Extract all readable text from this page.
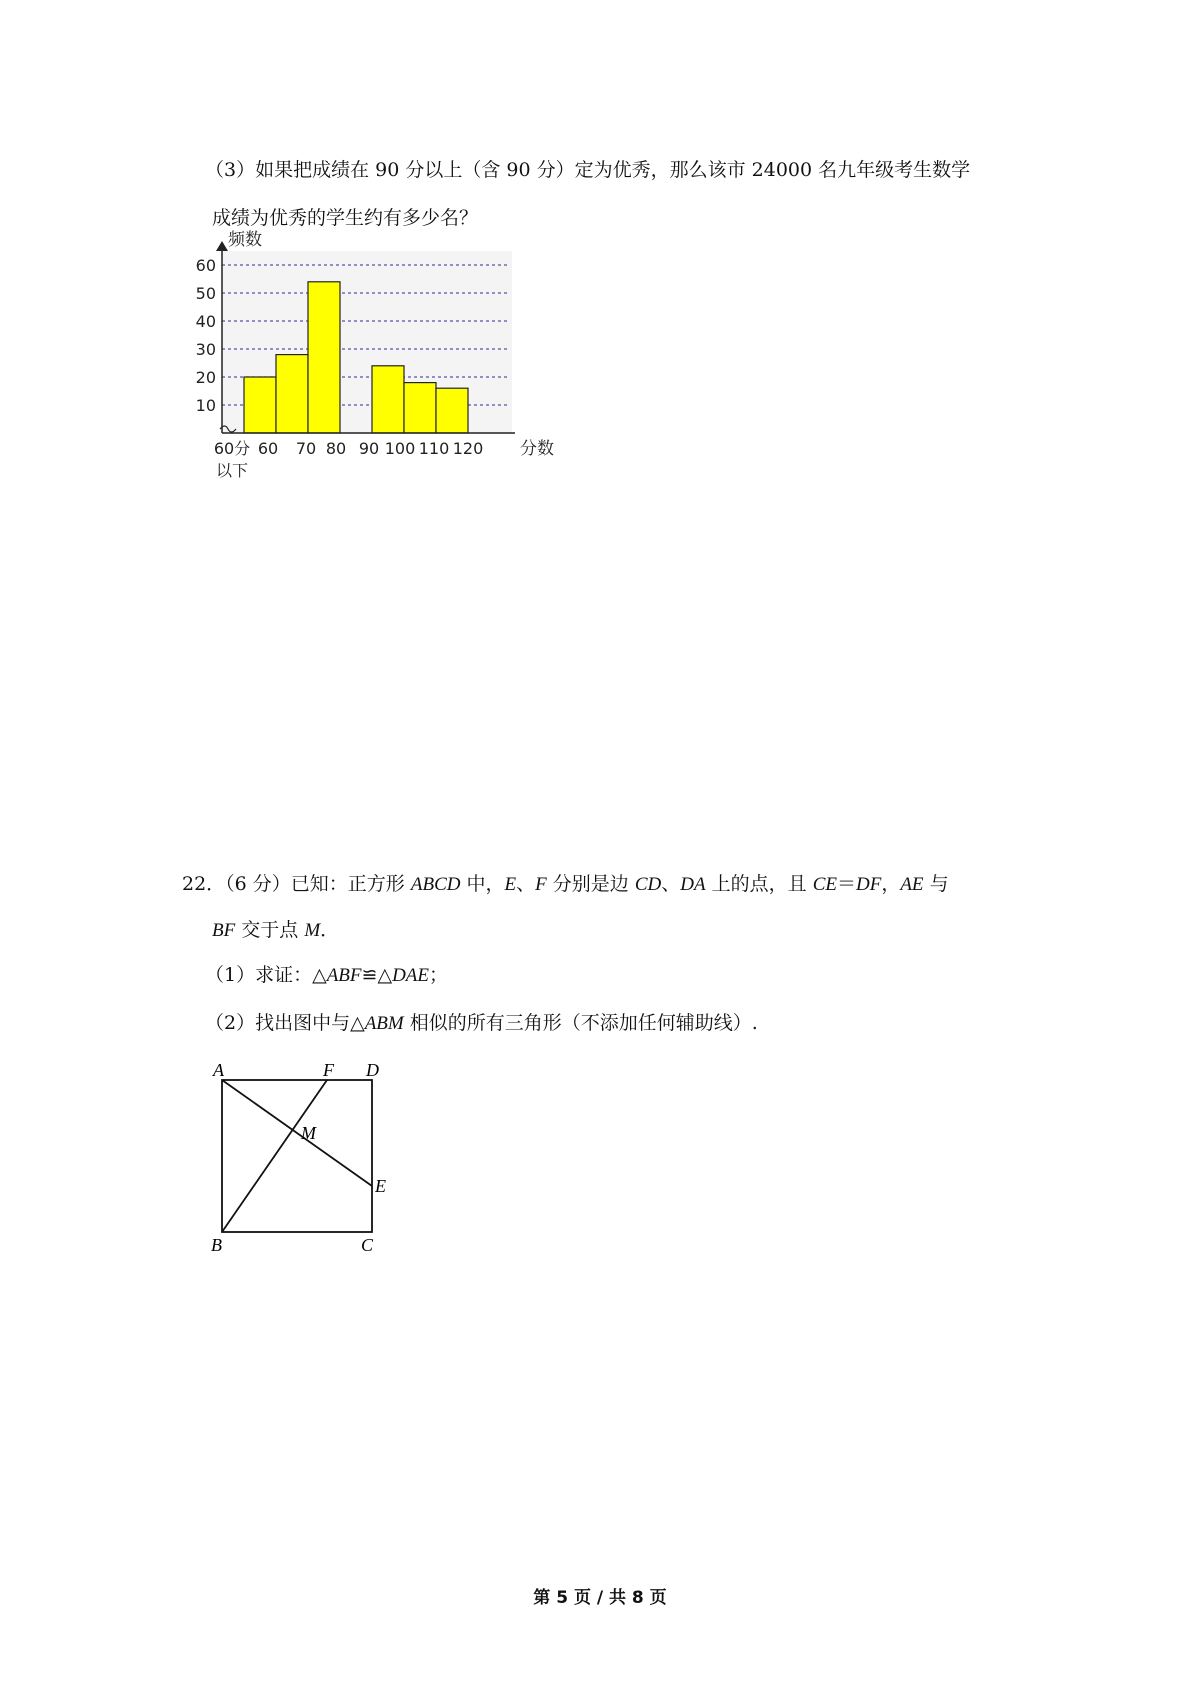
（3）如果把成绩在 90 分以上（含 90 分）定为优秀，那么该市 24000 名九年级考生数学
成绩为优秀的学生约有多少名？
10
20
30
40
50
60
频数
60分 60 70 80 90 100 110 120
以下
分数
22．（6 分）已知：正方形 ABCD 中，E、F 分别是边 CD、DA 上的点，且 CE＝DF，AE 与
BF 交于点 M．
（1）求证：△ABF≌△DAE；
（2）找出图中与△ABM 相似的所有三角形（不添加任何辅助线）.
A	F D
M
E
B	C
第 5 页 / 共 8 页
